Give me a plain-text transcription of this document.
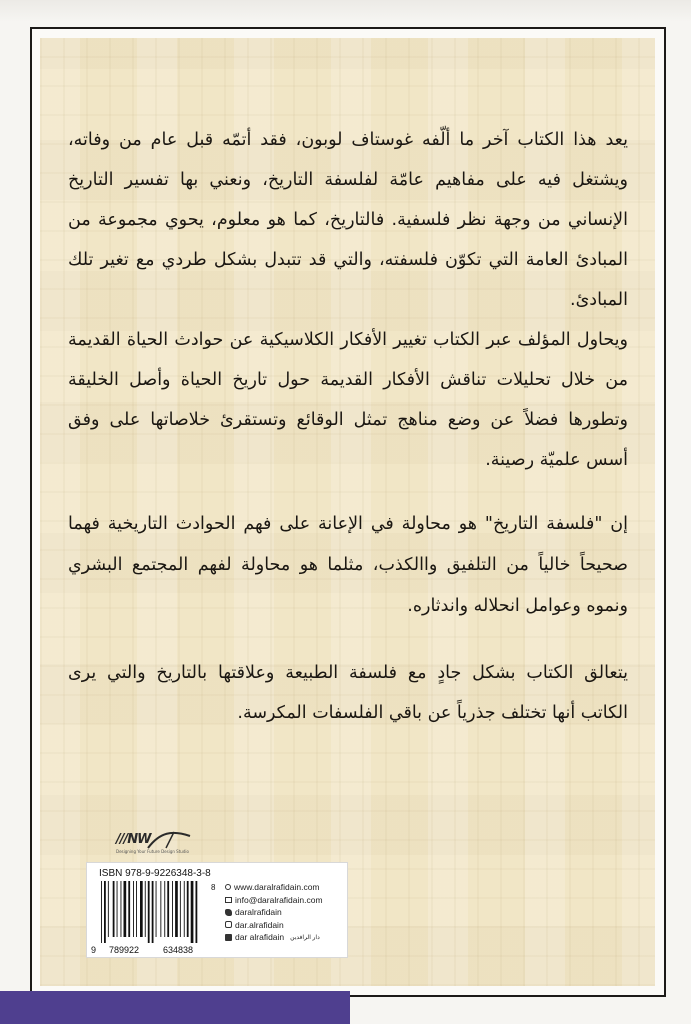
يعد هذا الكتاب آخر ما ألّفه غوستاف لوبون، فقد أتمّه قبل عام من وفاته، ويشتغل فيه على مفاهيم عامّة لفلسفة التاريخ، ونعني بها تفسير التاريخ الإنساني من وجهة نظر فلسفية. فالتاريخ، كما هو معلوم، يحوي مجموعة من المبادئ العامة التي تكوّن فلسفته، والتي قد تتبدل بشكل طردي مع تغير تلك المبادئ.

ويحاول المؤلف عبر الكتاب تغيير الأفكار الكلاسيكية عن حوادث الحياة القديمة من خلال تحليلات تناقش الأفكار القديمة حول تاريخ الحياة وأصل الخليقة وتطورها فضلاً عن وضع مناهج تمثل الوقائع وتستقرئ خلاصاتها على وفق أسس علميّة رصينة.

إن "فلسفة التاريخ" هو محاولة في الإعانة على فهم الحوادث التاريخية فهما صحيحاً خالياً من التلفيق واالكذب، مثلما هو محاولة لفهم المجتمع البشري ونموه وعوامل انحلاله واندثاره.

يتعالق الكتاب بشكل جادٍ مع فلسفة الطبيعة وعلاقتها بالتاريخ والتي يرى الكاتب أنها تختلف جذرياً عن باقي الفلسفات المكرسة.

///NW
Designing Your Future Design Studio
ISBN 978-9-9226348-3-8
9 789922	634838
8 www.daralrafidain.com
info@daralrafidain.com
daralrafidain
dar.alrafidain
dar alrafidain دار الرافدين
